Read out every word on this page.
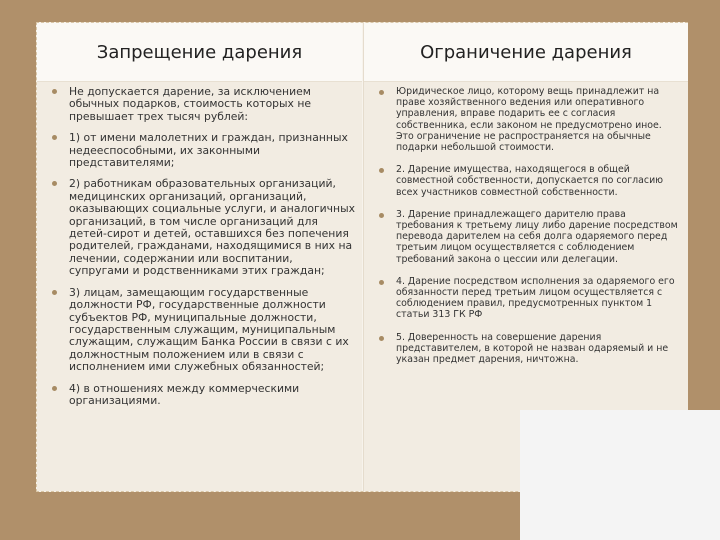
Запрещение дарения
Не допускается дарение, за исключением обычных подарков, стоимость которых не превышает трех тысяч рублей:
1) от имени малолетних и граждан, признанных недееспособными, их законными представителями;
2) работникам образовательных организаций, медицинских организаций, организаций, оказывающих социальные услуги, и аналогичных организаций, в том числе организаций для детей-сирот и детей, оставшихся без попечения родителей, гражданами, находящимися в них на лечении, содержании или воспитании, супругами и родственниками этих граждан;
3) лицам, замещающим государственные должности РФ, государственные должности субъектов РФ, муниципальные должности, государственным служащим, муниципальным служащим, служащим Банка России в связи с их должностным положением или в связи с исполнением ими служебных обязанностей;
4) в отношениях между коммерческими организациями.
Ограничение дарения
Юридическое лицо, которому вещь принадлежит на праве хозяйственного ведения или оперативного управления, вправе подарить ее с согласия собственника, если законом не предусмотрено иное. Это ограничение не распространяется на обычные подарки небольшой стоимости.
2. Дарение имущества, находящегося в общей совместной собственности, допускается по согласию всех участников совместной собственности.
3. Дарение принадлежащего дарителю права требования к третьему лицу либо дарение посредством перевода дарителем на себя долга одаряемого перед третьим лицом осуществляется с соблюдением требований закона о цессии или делегации.
4. Дарение посредством исполнения за одаряемого его обязанности перед третьим лицом осуществляется с соблюдением правил, предусмотренных пунктом 1 статьи 313 ГК РФ
5. Доверенность на совершение дарения представителем, в которой не назван одаряемый и не указан предмет дарения, ничтожна.
